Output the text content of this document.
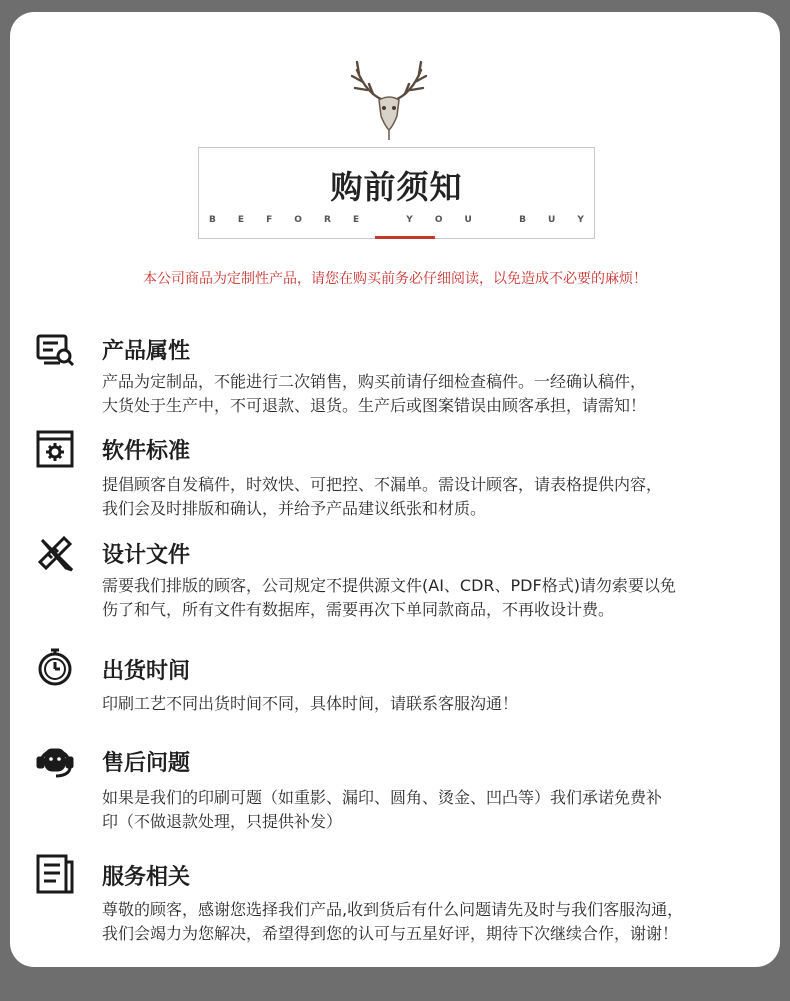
购前须知
B E F O R E
	Y O U
	B U Y
本公司商品为定制性产品，请您在购买前务必仔细阅读，以免造成不必要的麻烦！
产品属性
产品为定制品，不能进行二次销售，购买前请仔细检查稿件。一经确认稿件，
大货处于生产中，不可退款、退货。生产后或图案错误由顾客承担，请需知！
软件标准
提倡顾客自发稿件，时效快、可把控、不漏单。需设计顾客，请表格提供内容，
我们会及时排版和确认，并给予产品建议纸张和材质。
设计文件
需要我们排版的顾客，公司规定不提供源文件(AI、CDR、PDF格式)请勿索要以免
伤了和气，所有文件有数据库，需要再次下单同款商品，不再收设计费。
出货时间
印刷工艺不同出货时间不同，具体时间，请联系客服沟通！
售后问题
如果是我们的印刷可题（如重影、漏印、圆角、烫金、凹凸等）我们承诺免费补
印（不做退款处理，只提供补发）
服务相关
尊敬的顾客，感谢您选择我们产品,收到货后有什么问题请先及时与我们客服沟通，
我们会竭力为您解决，希望得到您的认可与五星好评，期待下次继续合作，谢谢！
